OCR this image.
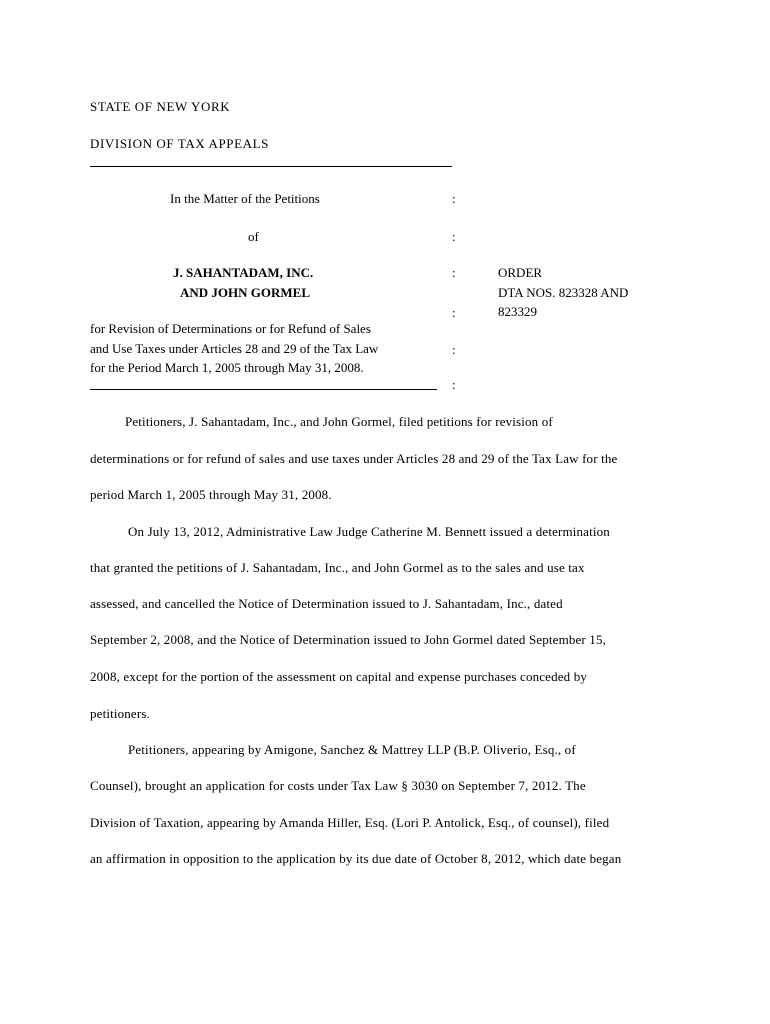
STATE OF NEW YORK
DIVISION OF TAX APPEALS
In the Matter of the Petitions
of
J. SAHANTADAM, INC.
AND JOHN GORMEL
for Revision of Determinations or for Refund of Sales
and Use Taxes under Articles 28 and 29 of the Tax Law
for the Period March 1, 2005 through May 31, 2008.
:
:
:
:
:
:
ORDER
DTA NOS. 823328 AND
823329
Petitioners, J. Sahantadam, Inc., and John Gormel, filed petitions for revision of
determinations or for refund of sales and use taxes under Articles 28 and 29 of the Tax Law for the
period March 1, 2005 through May 31, 2008.
On July 13, 2012, Administrative Law Judge Catherine M. Bennett issued a determination
that granted the petitions of J. Sahantadam, Inc., and John Gormel as to the sales and use tax
assessed, and cancelled the Notice of Determination issued to J. Sahantadam, Inc., dated
September 2, 2008, and the Notice of Determination issued to John Gormel dated September 15,
2008, except for the portion of the assessment on capital and expense purchases conceded by
petitioners.
Petitioners, appearing by Amigone, Sanchez & Mattrey LLP (B.P. Oliverio, Esq., of
Counsel), brought an application for costs under Tax Law § 3030 on September 7, 2012. The
Division of Taxation, appearing by Amanda Hiller, Esq. (Lori P. Antolick, Esq., of counsel), filed
an affirmation in opposition to the application by its due date of October 8, 2012, which date began
